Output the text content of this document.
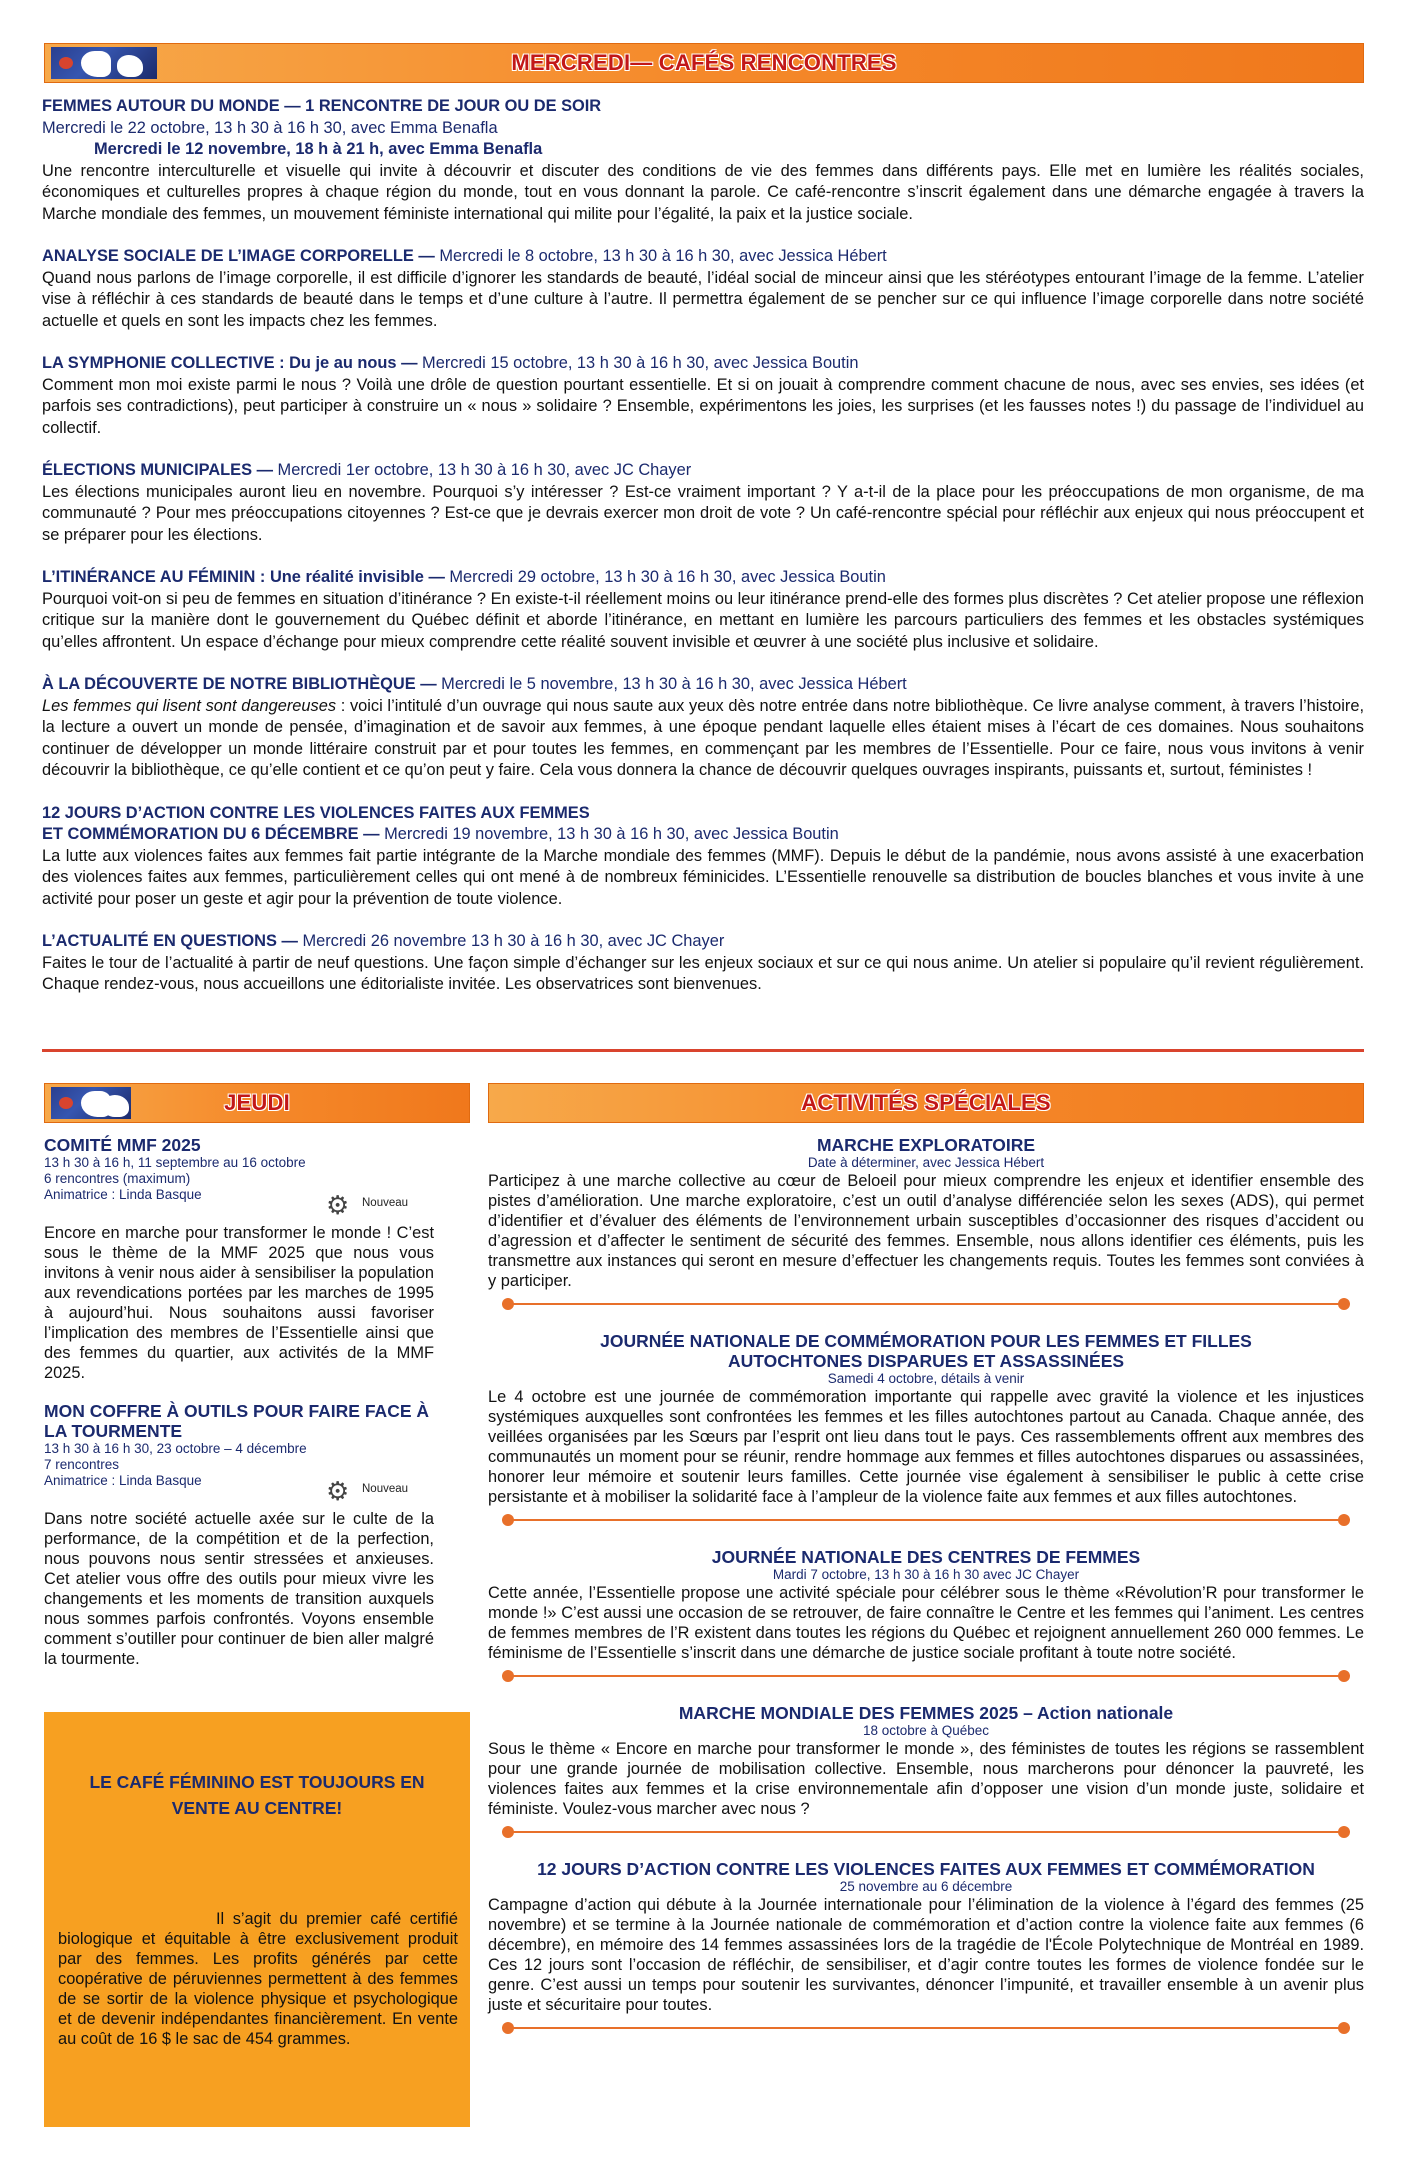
MERCREDI— CAFÉS RENCONTRES
FEMMES AUTOUR DU MONDE — 1 RENCONTRE DE JOUR OU DE SOIR
Mercredi le 22 octobre, 13 h 30 à 16 h 30, avec Emma Benafla
Mercredi le 12 novembre, 18 h à 21 h, avec Emma Benafla
Une rencontre interculturelle et visuelle qui invite à découvrir et discuter des conditions de vie des femmes dans différents pays. Elle met en lumière les réalités sociales, économiques et culturelles propres à chaque région du monde, tout en vous donnant la parole. Ce café-rencontre s’inscrit également dans une démarche engagée à travers la Marche mondiale des femmes, un mouvement féministe international qui milite pour l’égalité, la paix et la justice sociale.
ANALYSE SOCIALE DE L’IMAGE CORPORELLE — Mercredi le 8 octobre, 13 h 30 à 16 h 30, avec Jessica Hébert
Quand nous parlons de l’image corporelle, il est difficile d’ignorer les standards de beauté, l’idéal social de minceur ainsi que les stéréotypes entourant l’image de la femme. L’atelier vise à réfléchir à ces standards de beauté dans le temps et d’une culture à l’autre. Il permettra également de se pencher sur ce qui influence l’image corporelle dans notre société actuelle et quels en sont les impacts chez les femmes.
LA SYMPHONIE COLLECTIVE : Du je au nous — Mercredi 15 octobre, 13 h 30 à 16 h 30, avec Jessica Boutin
Comment mon moi existe parmi le nous ? Voilà une drôle de question pourtant essentielle. Et si on jouait à comprendre comment chacune de nous, avec ses envies, ses idées (et parfois ses contradictions), peut participer à construire un « nous » solidaire ? Ensemble, expérimentons les joies, les surprises (et les fausses notes !) du passage de l’individuel au collectif.
ÉLECTIONS MUNICIPALES — Mercredi 1er octobre, 13 h 30 à 16 h 30, avec JC Chayer
Les élections municipales auront lieu en novembre. Pourquoi s’y intéresser ? Est-ce vraiment important ? Y a-t-il de la place pour les préoccupations de mon organisme, de ma communauté ? Pour mes préoccupations citoyennes ? Est-ce que je devrais exercer mon droit de vote ? Un café-rencontre spécial pour réfléchir aux enjeux qui nous préoccupent et se préparer pour les élections.
L’ITINÉRANCE AU FÉMININ : Une réalité invisible — Mercredi 29 octobre, 13 h 30 à 16 h 30, avec Jessica Boutin
Pourquoi voit-on si peu de femmes en situation d’itinérance ? En existe-t-il réellement moins ou leur itinérance prend-elle des formes plus discrètes ? Cet atelier propose une réflexion critique sur la manière dont le gouvernement du Québec définit et aborde l’itinérance, en mettant en lumière les parcours particuliers des femmes et les obstacles systémiques qu’elles affrontent. Un espace d’échange pour mieux comprendre cette réalité souvent invisible et œuvrer à une société plus inclusive et solidaire.
À LA DÉCOUVERTE DE NOTRE BIBLIOTHÈQUE — Mercredi le 5 novembre, 13 h 30 à 16 h 30, avec Jessica Hébert
Les femmes qui lisent sont dangereuses : voici l’intitulé d’un ouvrage qui nous saute aux yeux dès notre entrée dans notre bibliothèque. Ce livre analyse comment, à travers l’histoire, la lecture a ouvert un monde de pensée, d’imagination et de savoir aux femmes, à une époque pendant laquelle elles étaient mises à l’écart de ces domaines. Nous souhaitons continuer de développer un monde littéraire construit par et pour toutes les femmes, en commençant par les membres de l’Essentielle. Pour ce faire, nous vous invitons à venir découvrir la bibliothèque, ce qu’elle contient et ce qu’on peut y faire. Cela vous donnera la chance de découvrir quelques ouvrages inspirants, puissants et, surtout, féministes !
12 JOURS D’ACTION CONTRE LES VIOLENCES FAITES AUX FEMMES
ET COMMÉMORATION DU 6 DÉCEMBRE — Mercredi 19 novembre, 13 h 30 à 16 h 30, avec Jessica Boutin
La lutte aux violences faites aux femmes fait partie intégrante de la Marche mondiale des femmes (MMF). Depuis le début de la pandémie, nous avons assisté à une exacerbation des violences faites aux femmes, particulièrement celles qui ont mené à de nombreux féminicides. L’Essentielle renouvelle sa distribution de boucles blanches et vous invite à une activité pour poser un geste et agir pour la prévention de toute violence.
L’ACTUALITÉ EN QUESTIONS — Mercredi 26 novembre 13 h 30 à 16 h 30, avec JC Chayer
Faites le tour de l’actualité à partir de neuf questions. Une façon simple d’échanger sur les enjeux sociaux et sur ce qui nous anime. Un atelier si populaire qu’il revient régulièrement. Chaque rendez-vous, nous accueillons une éditorialiste invitée. Les observatrices sont bienvenues.
JEUDI	ACTIVITÉS SPÉCIALES
COMITÉ MMF 2025
13 h 30 à 16 h, 11 septembre au 16 octobre
6 rencontres (maximum)
Animatrice : Linda Basque	⚙	Nouveau
Encore en marche pour transformer le monde ! C’est sous le thème de la MMF 2025 que nous vous invitons à venir nous aider à sensibiliser la population aux revendications portées par les marches de 1995 à aujourd’hui. Nous souhaitons aussi favoriser l’implication des membres de l’Essentielle ainsi que des femmes du quartier, aux activités de la MMF 2025.
MON COFFRE À OUTILS POUR FAIRE FACE À LA TOURMENTE
13 h 30 à 16 h 30, 23 octobre – 4 décembre
7 rencontres
Animatrice : Linda Basque	⚙	Nouveau
Dans notre société actuelle axée sur le culte de la performance, de la compétition et de la perfection, nous pouvons nous sentir stressées et anxieuses. Cet atelier vous offre des outils pour mieux vivre les changements et les moments de transition auxquels nous sommes parfois confrontés. Voyons ensemble comment s’outiller pour continuer de bien aller malgré la tourmente.
LE CAFÉ FÉMININO EST TOUJOURS EN VENTE AU CENTRE!
Il s’agit du premier café certifié biologique et équitable à être exclusivement produit par des femmes. Les profits générés par cette coopérative de péruviennes permettent à des femmes de se sortir de la violence physique et psychologique et de devenir indépendantes financièrement. En vente au coût de 16 $ le sac de 454 grammes.
MARCHE EXPLORATOIRE
Date à déterminer, avec Jessica Hébert
Participez à une marche collective au cœur de Beloeil pour mieux comprendre les enjeux et identifier ensemble des pistes d’amélioration. Une marche exploratoire, c’est un outil d’analyse différenciée selon les sexes (ADS), qui permet d’identifier et d’évaluer des éléments de l’environnement urbain susceptibles d’occasionner des risques d’accident ou d’agression et d’affecter le sentiment de sécurité des femmes. Ensemble, nous allons identifier ces éléments, puis les transmettre aux instances qui seront en mesure d’effectuer les changements requis. Toutes les femmes sont conviées à y participer.
JOURNÉE NATIONALE DE COMMÉMORATION POUR LES FEMMES ET FILLES AUTOCHTONES DISPARUES ET ASSASSINÉES
Samedi 4 octobre, détails à venir
Le 4 octobre est une journée de commémoration importante qui rappelle avec gravité la violence et les injustices systémiques auxquelles sont confrontées les femmes et les filles autochtones partout au Canada. Chaque année, des veillées organisées par les Sœurs par l’esprit ont lieu dans tout le pays. Ces rassemblements offrent aux membres des communautés un moment pour se réunir, rendre hommage aux femmes et filles autochtones disparues ou assassinées, honorer leur mémoire et soutenir leurs familles. Cette journée vise également à sensibiliser le public à cette crise persistante et à mobiliser la solidarité face à l’ampleur de la violence faite aux femmes et aux filles autochtones.
JOURNÉE NATIONALE DES CENTRES DE FEMMES
Mardi 7 octobre, 13 h 30 à 16 h 30 avec JC Chayer
Cette année, l’Essentielle propose une activité spéciale pour célébrer sous le thème «Révolution’R pour transformer le monde !» C’est aussi une occasion de se retrouver, de faire connaître le Centre et les femmes qui l’animent. Les centres de femmes membres de l’R existent dans toutes les régions du Québec et rejoignent annuellement 260 000 femmes. Le féminisme de l’Essentielle s’inscrit dans une démarche de justice sociale profitant à toute notre société.
MARCHE MONDIALE DES FEMMES 2025 – Action nationale
18 octobre à Québec
Sous le thème « Encore en marche pour transformer le monde », des féministes de toutes les régions se rassemblent pour une grande journée de mobilisation collective. Ensemble, nous marcherons pour dénoncer la pauvreté, les violences faites aux femmes et la crise environnementale afin d’opposer une vision d’un monde juste, solidaire et féministe. Voulez-vous marcher avec nous ?
12 JOURS D’ACTION CONTRE LES VIOLENCES FAITES AUX FEMMES ET COMMÉMORATION
25 novembre au 6 décembre
Campagne d’action qui débute à la Journée internationale pour l’élimination de la violence à l’égard des femmes (25 novembre) et se termine à la Journée nationale de commémoration et d’action contre la violence faite aux femmes (6 décembre), en mémoire des 14 femmes assassinées lors de la tragédie de l'École Polytechnique de Montréal en 1989. Ces 12 jours sont l’occasion de réfléchir, de sensibiliser, et d’agir contre toutes les formes de violence fondée sur le genre. C’est aussi un temps pour soutenir les survivantes, dénoncer l’impunité, et travailler ensemble à un avenir plus juste et sécuritaire pour toutes.
